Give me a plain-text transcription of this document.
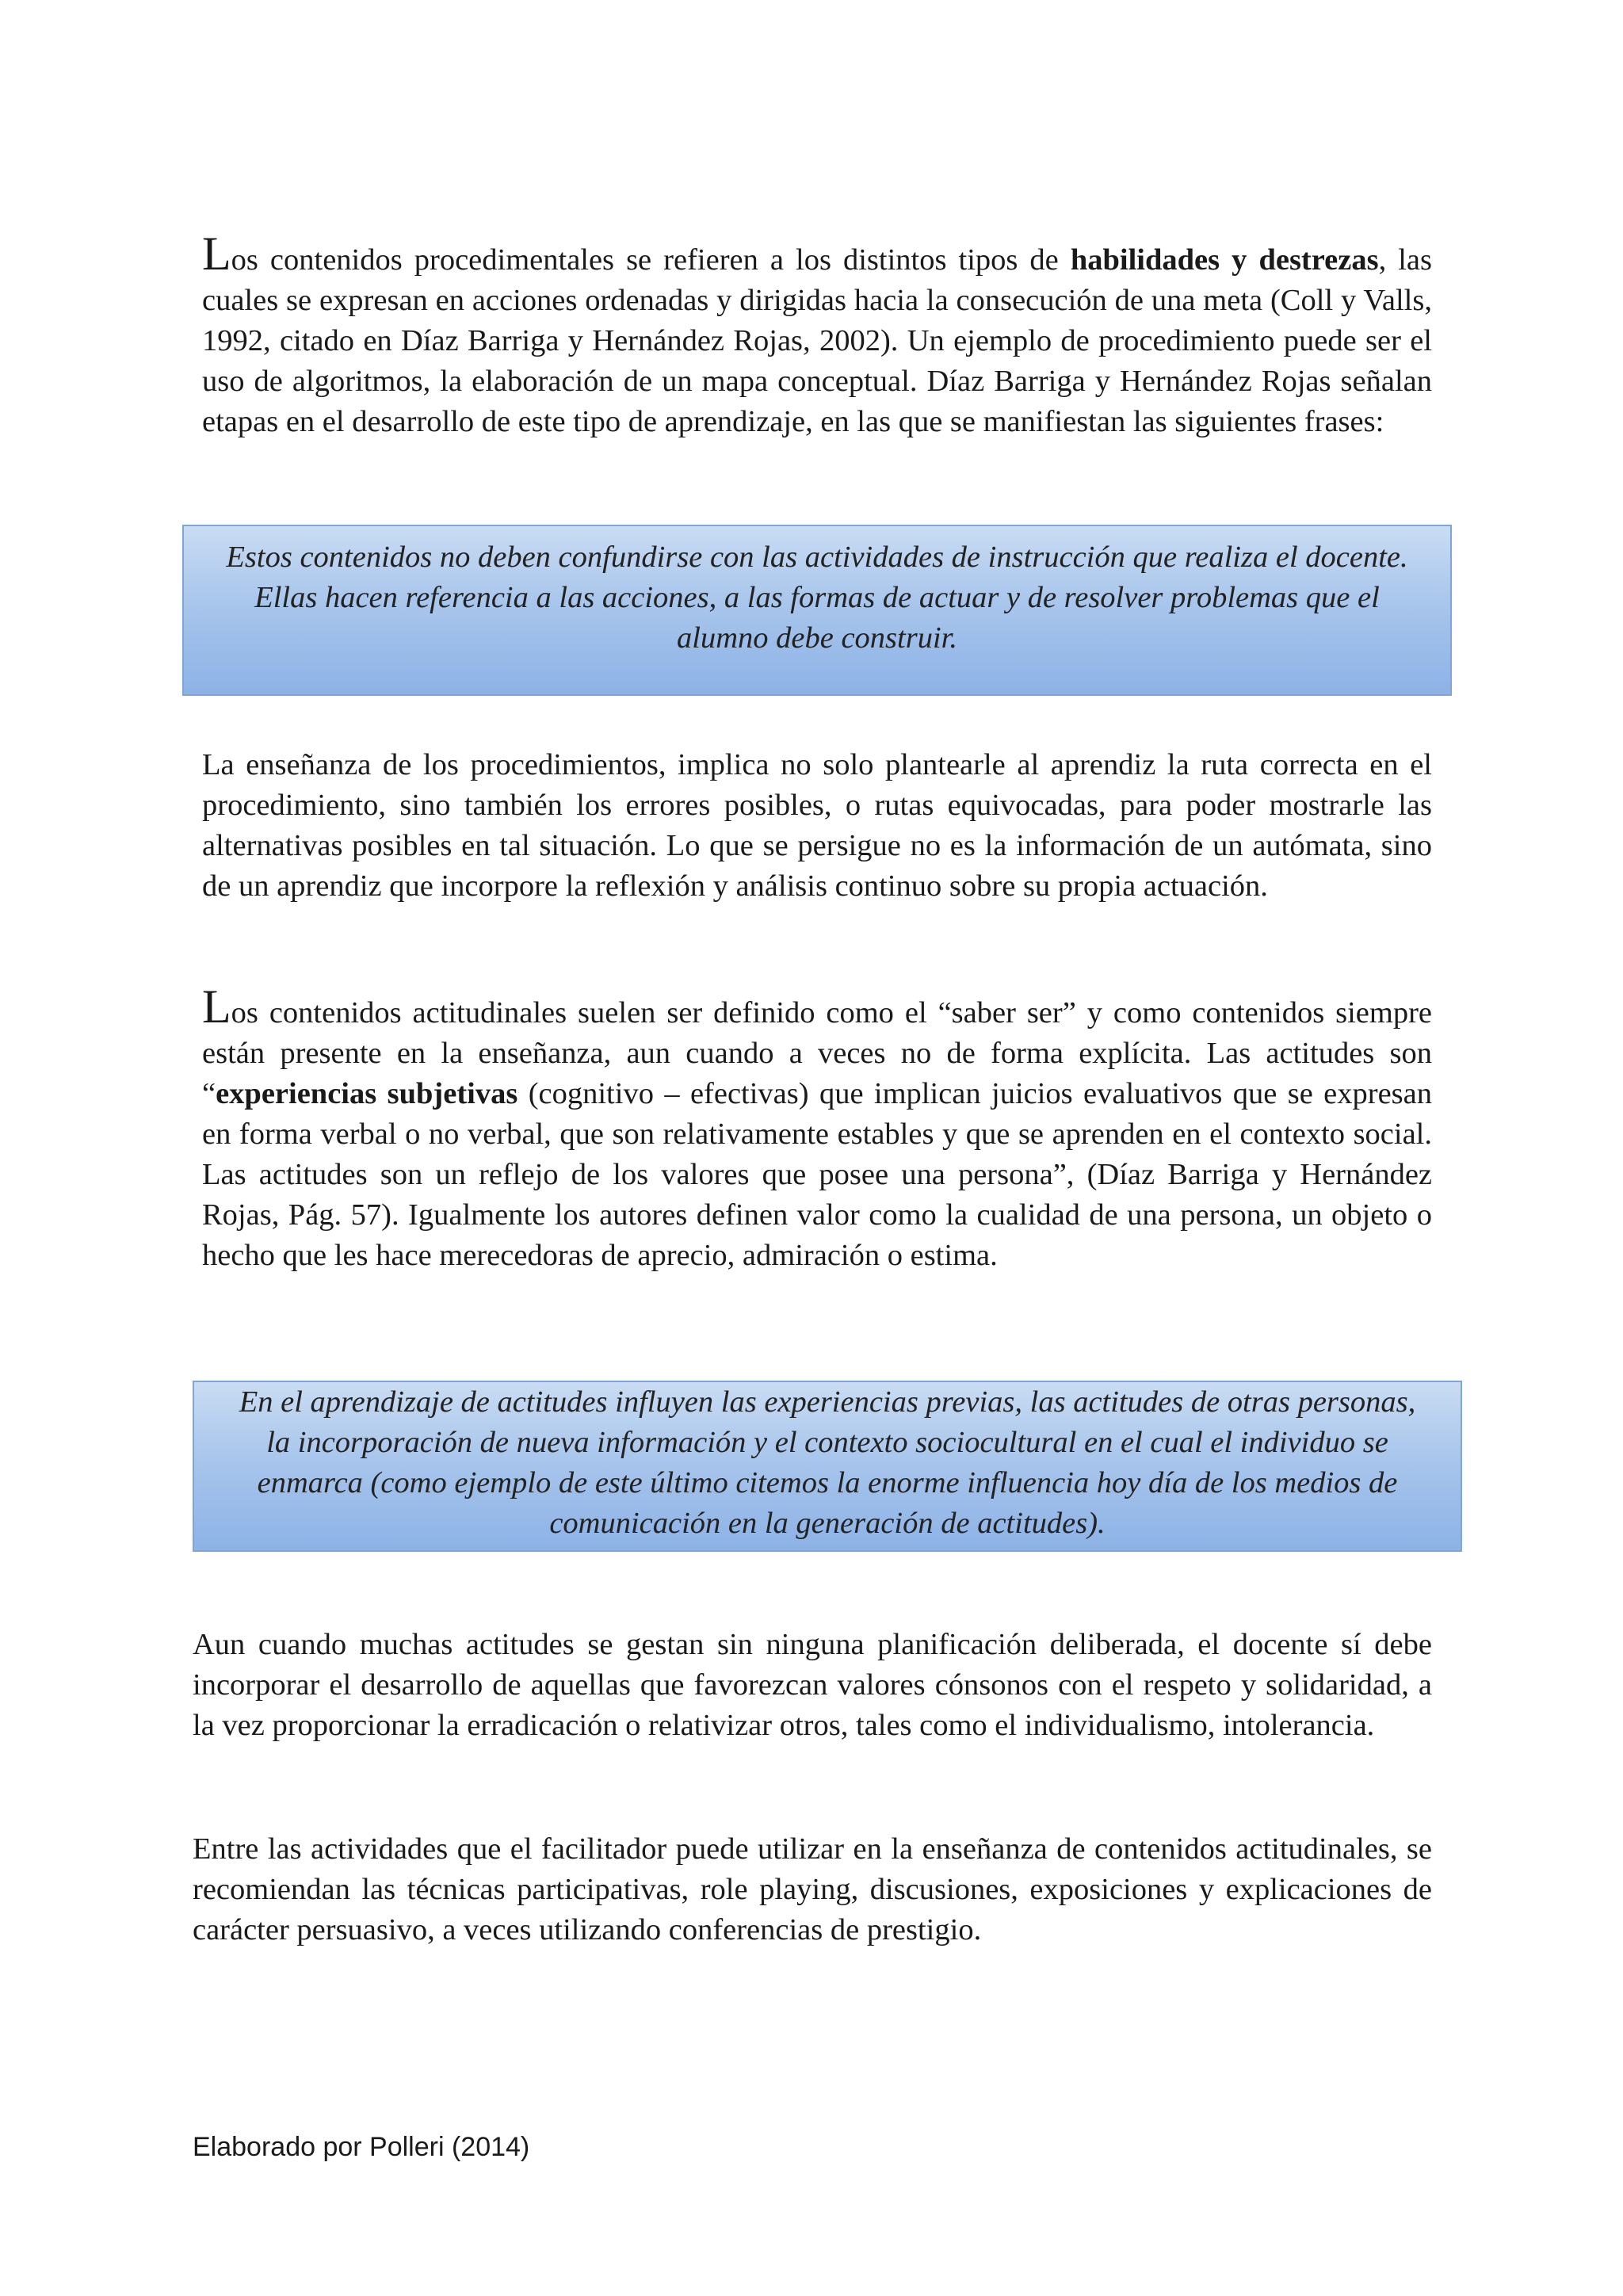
Los contenidos procedimentales se refieren a los distintos tipos de habilidades y destrezas, las cuales se expresan en acciones ordenadas y dirigidas hacia la consecución de una meta (Coll y Valls, 1992, citado en Díaz Barriga y Hernández Rojas, 2002). Un ejemplo de procedimiento puede ser el uso de algoritmos, la elaboración de un mapa conceptual. Díaz Barriga y Hernández Rojas señalan etapas en el desarrollo de este tipo de aprendizaje, en las que se manifiestan las siguientes frases:

Estos contenidos no deben confundirse con las actividades de instrucción que realiza el docente. Ellas hacen referencia a las acciones, a las formas de actuar y de resolver problemas que el alumno debe construir.

La enseñanza de los procedimientos, implica no solo plantearle al aprendiz la ruta correcta en el procedimiento, sino también los errores posibles, o rutas equivocadas, para poder mostrarle las alternativas posibles en tal situación. Lo que se persigue no es la información de un autómata, sino de un aprendiz que incorpore la reflexión y análisis continuo sobre su propia actuación.

Los contenidos actitudinales suelen ser definido como el “saber ser” y como contenidos siempre están presente en la enseñanza, aun cuando a veces no de forma explícita. Las actitudes son “experiencias subjetivas (cognitivo – efectivas) que implican juicios evaluativos que se expresan en forma verbal o no verbal, que son relativamente estables y que se aprenden en el contexto social. Las actitudes son un reflejo de los valores que posee una persona”, (Díaz Barriga y Hernández Rojas, Pág. 57). Igualmente los autores definen valor como la cualidad de una persona, un objeto o hecho que les hace merecedoras de aprecio, admiración o estima.

En el aprendizaje de actitudes influyen las experiencias previas, las actitudes de otras personas, la incorporación de nueva información y el contexto sociocultural en el cual el individuo se enmarca (como ejemplo de este último citemos la enorme influencia hoy día de los medios de comunicación en la generación de actitudes).

Aun cuando muchas actitudes se gestan sin ninguna planificación deliberada, el docente sí debe incorporar el desarrollo de aquellas que favorezcan valores cónsonos con el respeto y solidaridad, a la vez proporcionar la erradicación o relativizar otros, tales como el individualismo, intolerancia.

Entre las actividades que el facilitador puede utilizar en la enseñanza de contenidos actitudinales, se recomiendan las técnicas participativas, role playing, discusiones, exposiciones y explicaciones de carácter persuasivo, a veces utilizando conferencias de prestigio.

Elaborado por Polleri (2014)
